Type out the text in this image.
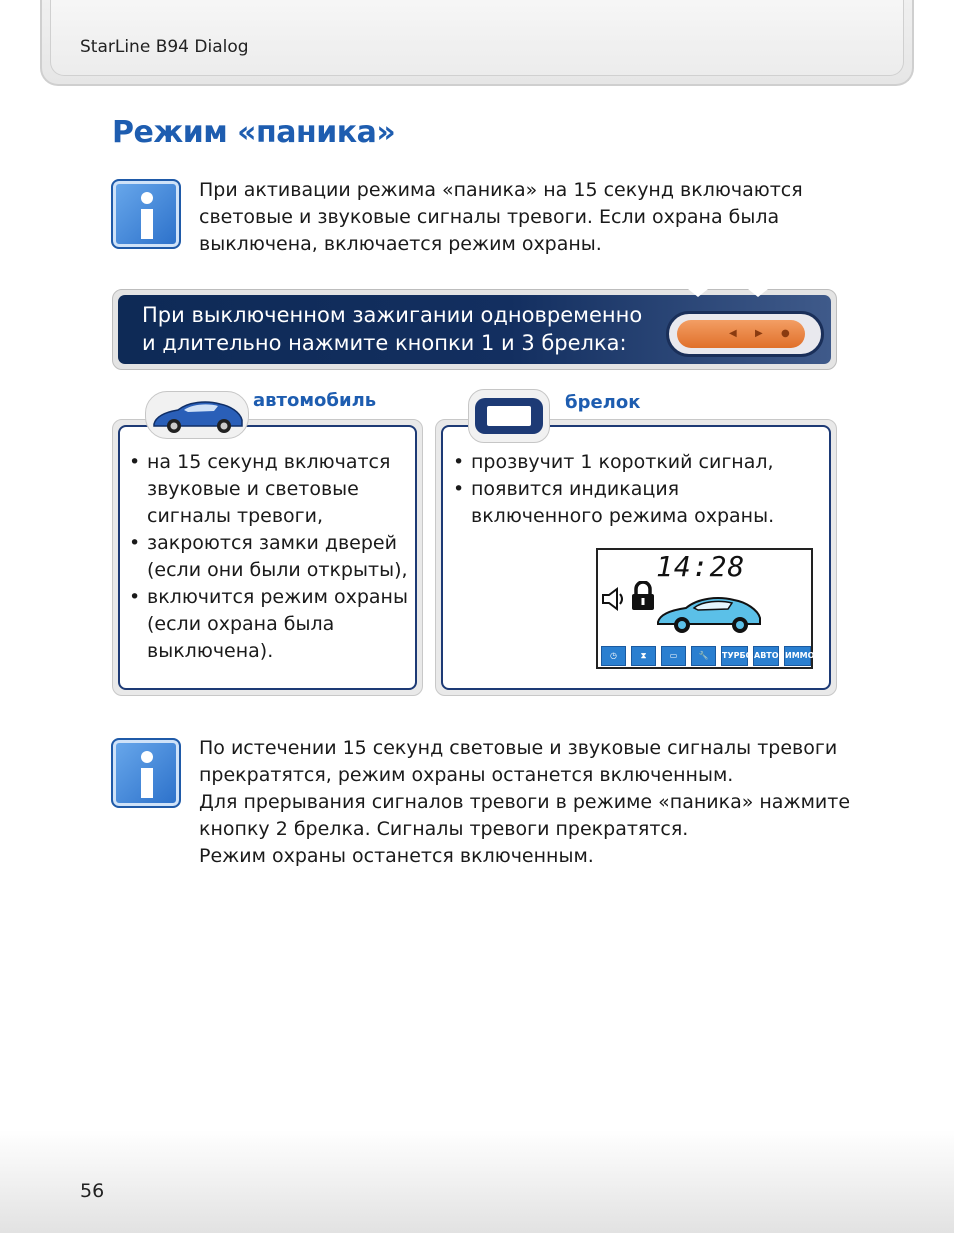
StarLine B94 Dialog
Режим «паника»
При активации режима «паника» на 15 секунд включаются
световые и звуковые сигналы тревоги. Если охрана была
выключена, включается режим охраны.
При выключенном зажигании одновременно
и длительно нажмите кнопки 1 и 3 брелка:	◀ ▶ ●
автомобиль
• на 15 секунд включатся
звуковые и световые
сигналы тревоги,
• закроются замки дверей
(если они были открыты),
• включится режим охраны
(если охрана была
выключена).
брелок
• прозвучит 1 короткий сигнал,
• появится индикация
включенного режима охраны.
14:28
◷	⧗	▭	🔧	ТУРБО АВТО ИММО
По истечении 15 секунд световые и звуковые сигналы тревоги
прекратятся, режим охраны останется включенным.
Для прерывания сигналов тревоги в режиме «паника» нажмите
кнопку 2 брелка. Сигналы тревоги прекратятся.
Режим охраны останется включенным.
56
